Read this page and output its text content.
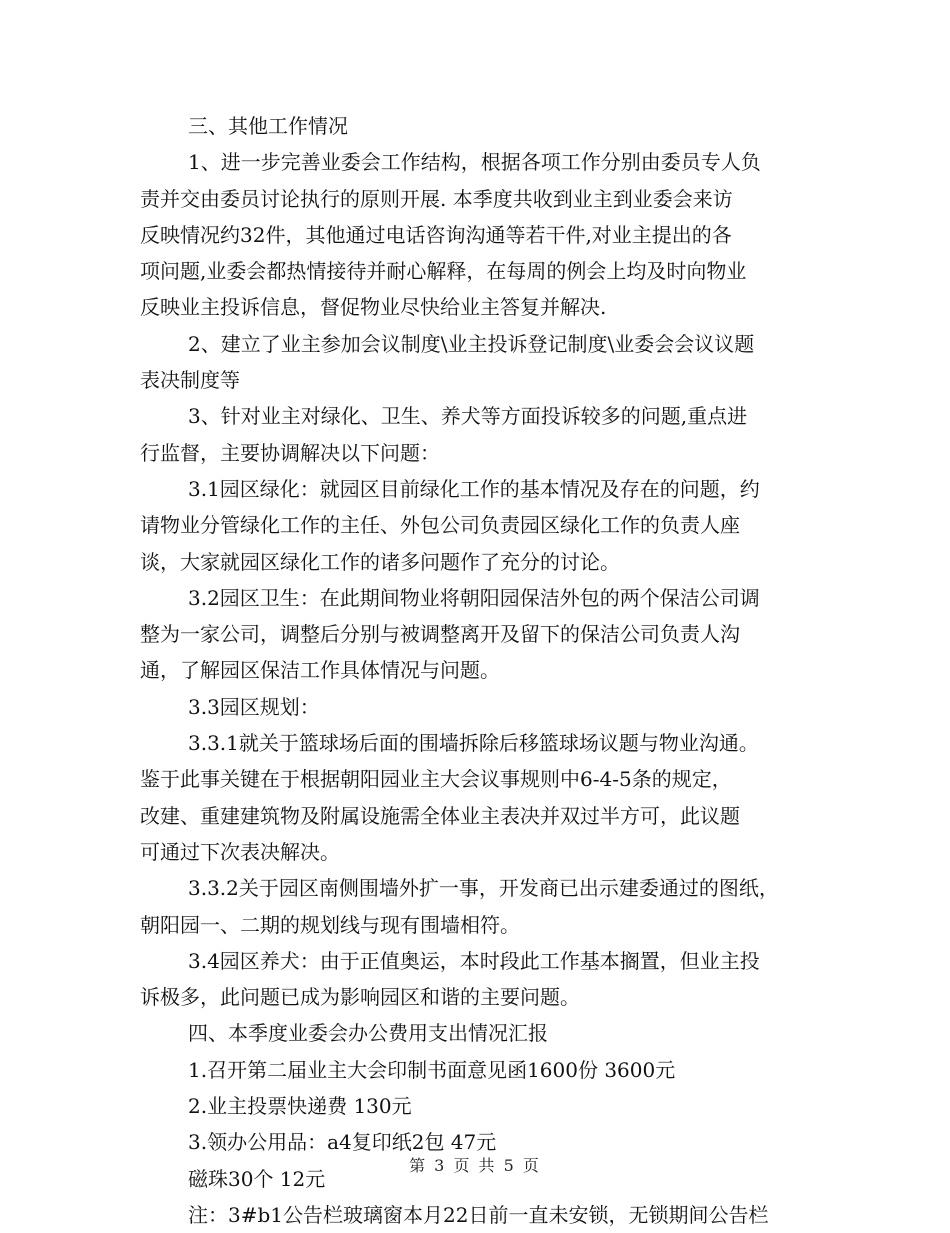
三、其他工作情况
1、进一步完善业委会工作结构，根据各项工作分别由委员专人负
责并交由委员讨论执行的原则开展. 本季度共收到业主到业委会来访
反映情况约32件，其他通过电话咨询沟通等若干件,对业主提出的各
项问题,业委会都热情接待并耐心解释，在每周的例会上均及时向物业
反映业主投诉信息，督促物业尽快给业主答复并解决.
2、建立了业主参加会议制度\业主投诉登记制度\业委会会议议题
表决制度等
3、针对业主对绿化、卫生、养犬等方面投诉较多的问题,重点进
行监督，主要协调解决以下问题：
3.1园区绿化：就园区目前绿化工作的基本情况及存在的问题，约
请物业分管绿化工作的主任、外包公司负责园区绿化工作的负责人座
谈，大家就园区绿化工作的诸多问题作了充分的讨论。
3.2园区卫生：在此期间物业将朝阳园保洁外包的两个保洁公司调
整为一家公司，调整后分别与被调整离开及留下的保洁公司负责人沟
通，了解园区保洁工作具体情况与问题。
3.3园区规划：
3.3.1就关于篮球场后面的围墙拆除后移篮球场议题与物业沟通。
鉴于此事关键在于根据朝阳园业主大会议事规则中6-4-5条的规定，
改建、重建建筑物及附属设施需全体业主表决并双过半方可，此议题
可通过下次表决解决。
3.3.2关于园区南侧围墙外扩一事，开发商已出示建委通过的图纸，
朝阳园一、二期的规划线与现有围墙相符。
3.4园区养犬：由于正值奥运，本时段此工作基本搁置，但业主投
诉极多，此问题已成为影响园区和谐的主要问题。
四、本季度业委会办公费用支出情况汇报
1.召开第二届业主大会印制书面意见函1600份 3600元
2.业主投票快递费 130元
3.领办公用品：a4复印纸2包 47元
磁珠30个 12元
注：3#b1公告栏玻璃窗本月22日前一直未安锁，无锁期间公告栏
第 3 页 共 5 页
